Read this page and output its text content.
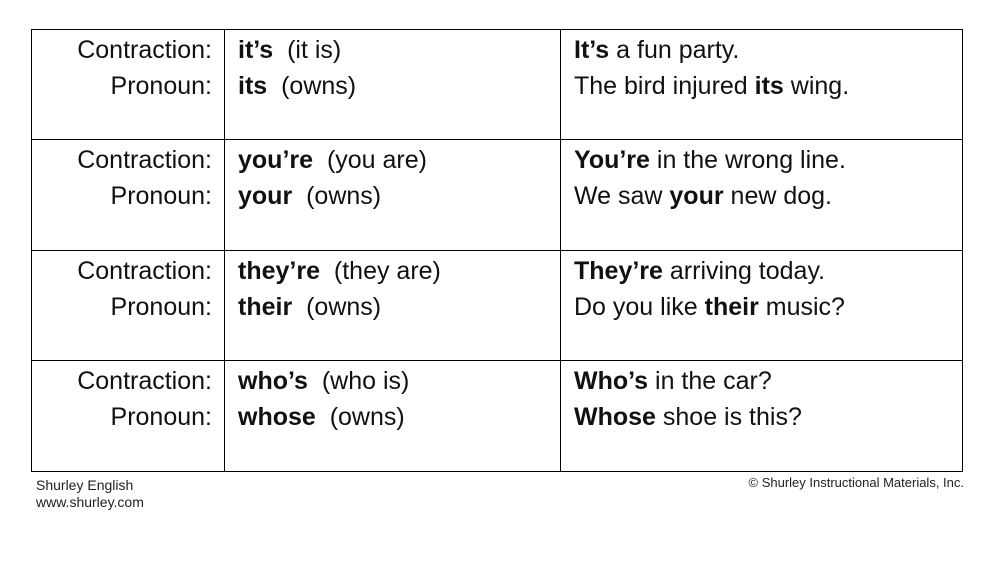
Contraction:
Pronoun:
it’s (it is)
its (owns)
It’s a fun party.
The bird injured its wing.
Contraction:
Pronoun:
you’re (you are)
your (owns)
You’re in the wrong line.
We saw your new dog.
Contraction:
Pronoun:
they’re (they are)
their (owns)
They’re arriving today.
Do you like their music?
Contraction:
Pronoun:
who’s (who is)
whose (owns)
Who’s in the car?
Whose shoe is this?
Shurley English
www.shurley.com
© Shurley Instructional Materials, Inc.
